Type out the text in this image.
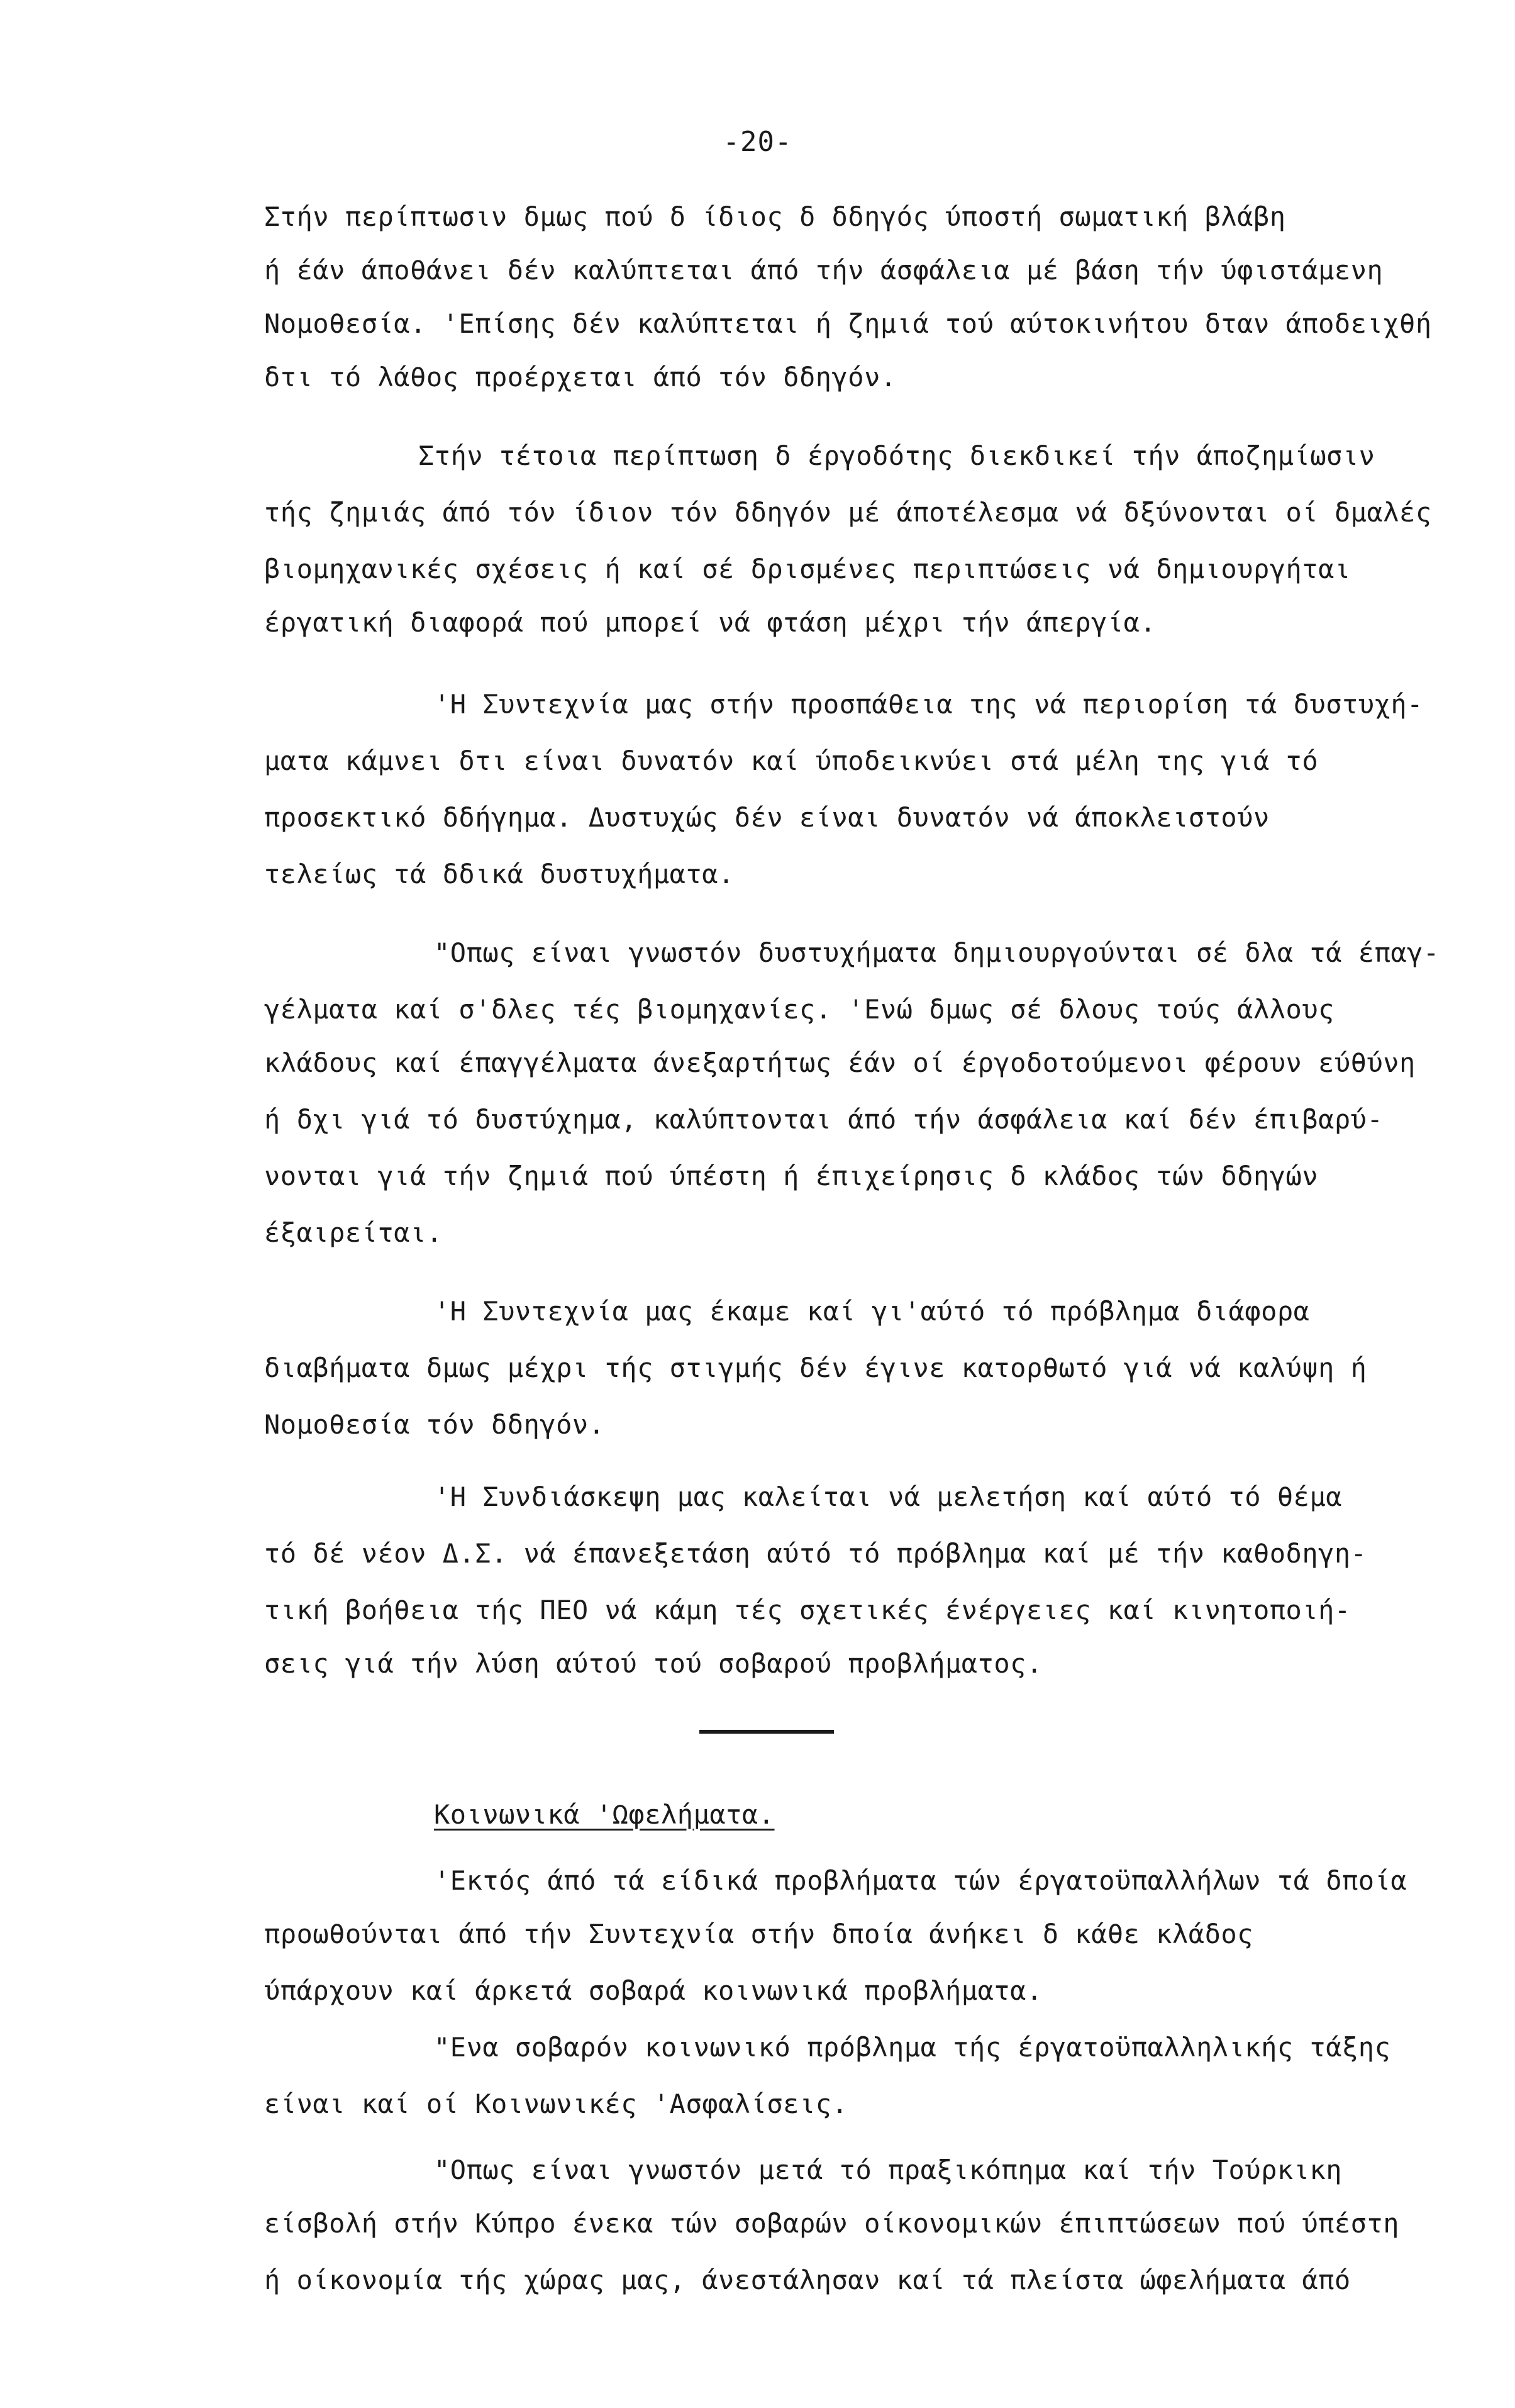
-20-
Στήν περίπτωσιν δμως πού δ ίδιος δ δδηγός ύποστή σωματική βλάβη
ή έάν άποθάνει δέν καλύπτεται άπό τήν άσφάλεια μέ βάση τήν ύφιστάμενη
Νομοθεσία. 'Επίσης δέν καλύπτεται ή ζημιά τού αύτοκινήτου δταν άποδειχθή
δτι τό λάθος προέρχεται άπό τόν δδηγόν.
Στήν τέτοια περίπτωση δ έργοδότης διεκδικεί τήν άποζημίωσιν
τής ζημιάς άπό τόν ίδιον τόν δδηγόν μέ άποτέλεσμα νά δξύνονται οί δμαλές
βιομηχανικές σχέσεις ή καί σέ δρισμένες περιπτώσεις νά δημιουργήται
έργατική διαφορά πού μπορεί νά φτάση μέχρι τήν άπεργία.
'Η Συντεχνία μας στήν προσπάθεια της νά περιορίση τά δυστυχή-
ματα κάμνει δτι είναι δυνατόν καί ύποδεικνύει στά μέλη της γιά τό
προσεκτικό δδήγημα. Δυστυχώς δέν είναι δυνατόν νά άποκλειστούν
τελείως τά δδικά δυστυχήματα.
"Οπως είναι γνωστόν δυστυχήματα δημιουργούνται σέ δλα τά έπαγ-
γέλματα καί σ'δλες τές βιομηχανίες. 'Ενώ δμως σέ δλους τούς άλλους
κλάδους καί έπαγγέλματα άνεξαρτήτως έάν οί έργοδοτούμενοι φέρουν εύθύνη
ή δχι γιά τό δυστύχημα, καλύπτονται άπό τήν άσφάλεια καί δέν έπιβαρύ-
νονται γιά τήν ζημιά πού ύπέστη ή έπιχείρησις δ κλάδος τών δδηγών
έξαιρείται.
'Η Συντεχνία μας έκαμε καί γι'αύτό τό πρόβλημα διάφορα
διαβήματα δμως μέχρι τής στιγμής δέν έγινε κατορθωτό γιά νά καλύψη ή
Νομοθεσία τόν δδηγόν.
'Η Συνδιάσκεψη μας καλείται νά μελετήση καί αύτό τό θέμα
τό δέ νέον Δ.Σ. νά έπανεξετάση αύτό τό πρόβλημα καί μέ τήν καθοδηγη-
τική βοήθεια τής ΠΕΟ νά κάμη τές σχετικές ένέργειες καί κινητοποιή-
σεις γιά τήν λύση αύτού τού σοβαρού προβλήματος.
Κοινωνικά 'Ωφελήματα.
'Εκτός άπό τά είδικά προβλήματα τών έργατοϋπαλλήλων τά δποία
προωθούνται άπό τήν Συντεχνία στήν δποία άνήκει δ κάθε κλάδος
ύπάρχουν καί άρκετά σοβαρά κοινωνικά προβλήματα.
"Ενα σοβαρόν κοινωνικό πρόβλημα τής έργατοϋπαλληλικής τάξης
είναι καί οί Κοινωνικές 'Ασφαλίσεις.
"Οπως είναι γνωστόν μετά τό πραξικόπημα καί τήν Τούρκικη
είσβολή στήν Κύπρο ένεκα τών σοβαρών οίκονομικών έπιπτώσεων πού ύπέστη
ή οίκονομία τής χώρας μας, άνεστάλησαν καί τά πλείστα ώφελήματα άπό
